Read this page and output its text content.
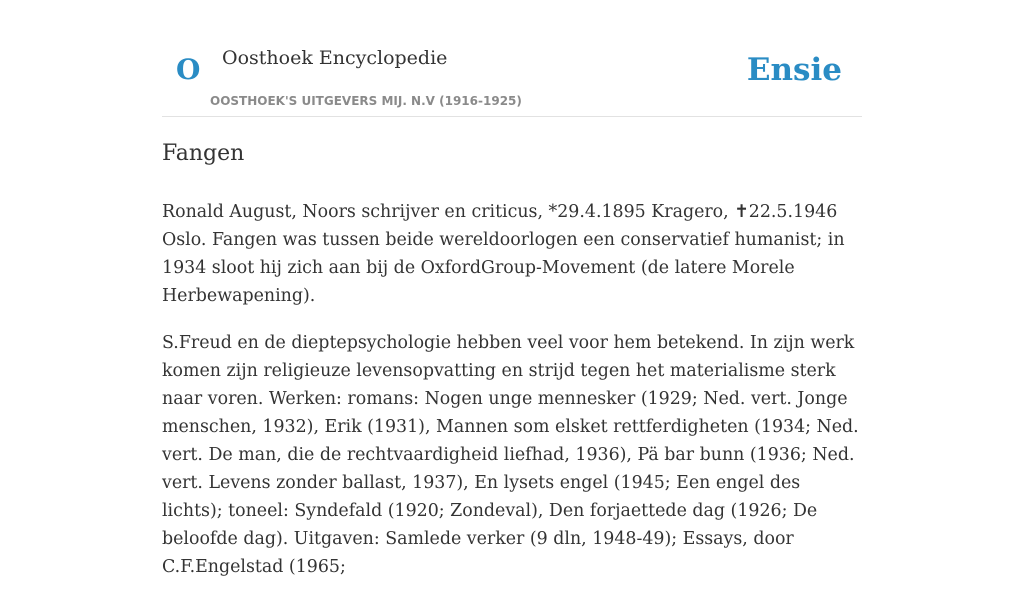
O Oosthoek Encyclopedie
OOSTHOEK'S UITGEVERS MIJ. N.V (1916-1925)
Ensie
Fangen

Ronald August, Noors schrijver en criticus, *29.4.1895 Kragero, ✝22.5.1946 Oslo. Fangen was tussen beide wereldoorlogen een conservatief humanist; in 1934 sloot hij zich aan bij de OxfordGroup-Movement (de latere Morele Herbewapening).

S.Freud en de dieptepsychologie hebben veel voor hem betekend. In zijn werk komen zijn religieuze levensopvatting en strijd tegen het materialisme sterk naar voren. Werken: romans: Nogen unge mennesker (1929; Ned. vert. Jonge menschen, 1932), Erik (1931), Mannen som elsket rettferdigheten (1934; Ned. vert. De man, die de rechtvaardigheid liefhad, 1936), Pä bar bunn (1936; Ned. vert. Levens zonder ballast, 1937), En lysets engel (1945; Een engel des lichts); toneel: Syndefald (1920; Zondeval), Den forjaettede dag (1926; De beloofde dag). Uitgaven: Samlede verker (9 dln, 1948-49); Essays, door C.F.Engelstad (1965;
